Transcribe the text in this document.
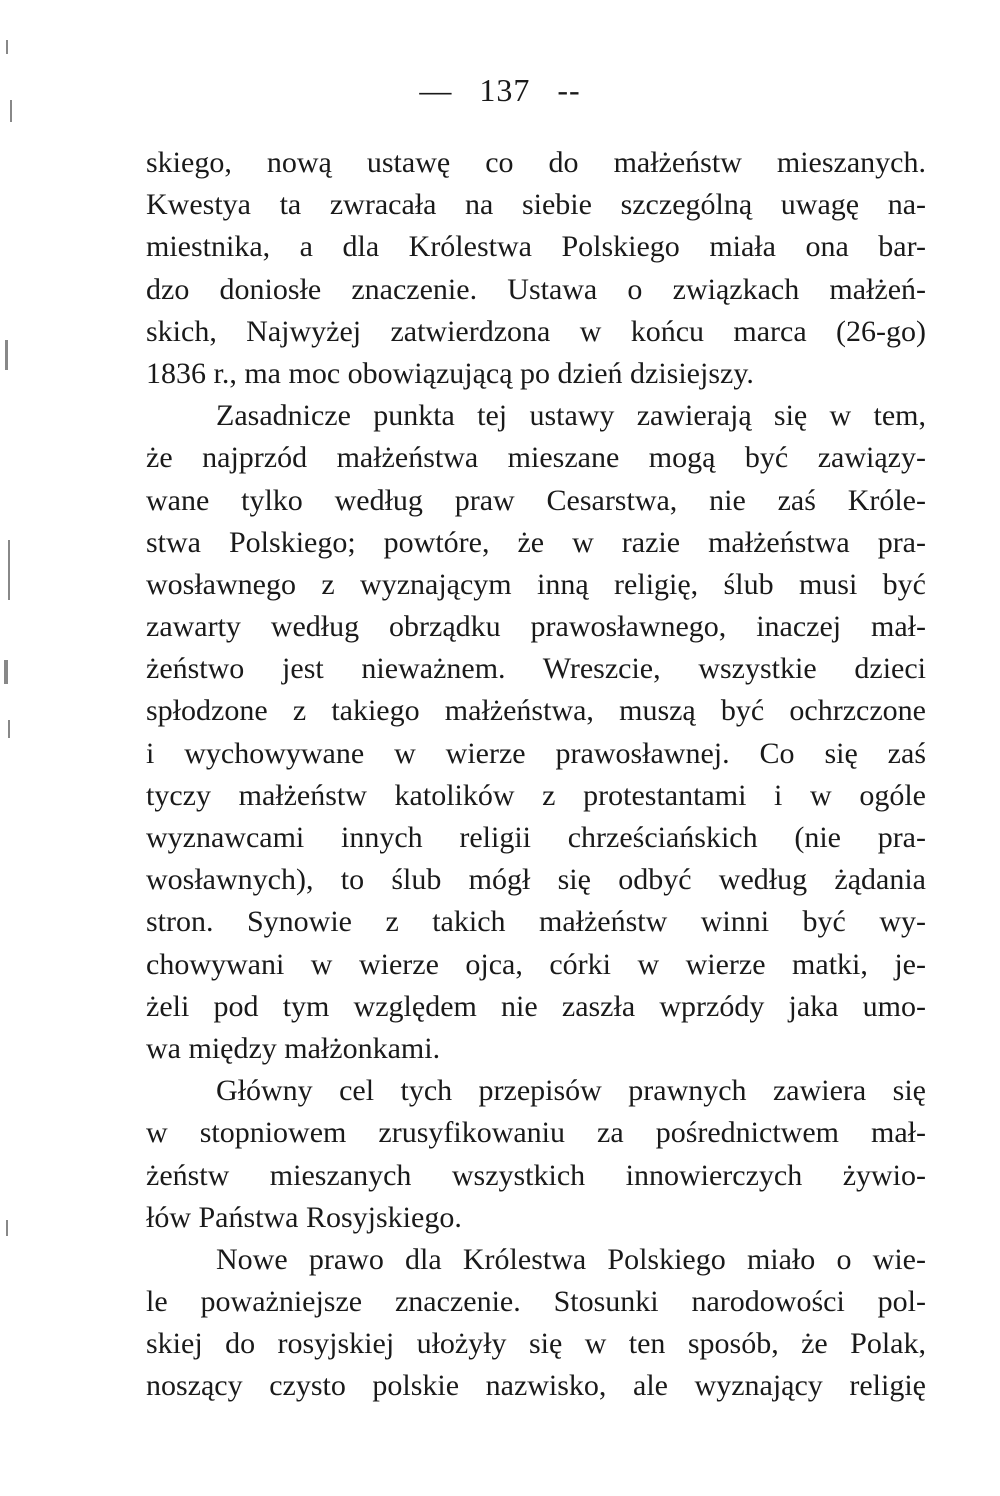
— 137 --
skiego, nową ustawę co do małżeństw mieszanych.
Kwestya ta zwracała na siebie szczególną uwagę na-
miestnika, a dla Królestwa Polskiego miała ona bar-
dzo doniosłe znaczenie. Ustawa o związkach małżeń-
skich, Najwyżej zatwierdzona w końcu marca (26-go)
1836 r., ma moc obowiązującą po dzień dzisiejszy.
Zasadnicze punkta tej ustawy zawierają się w tem,
że najprzód małżeństwa mieszane mogą być zawiązy-
wane tylko według praw Cesarstwa, nie zaś Króle-
stwa Polskiego; powtóre, że w razie małżeństwa pra-
wosławnego z wyznającym inną religię, ślub musi być
zawarty według obrządku prawosławnego, inaczej mał-
żeństwo jest nieważnem. Wreszcie, wszystkie dzieci
spłodzone z takiego małżeństwa, muszą być ochrzczone
i wychowywane w wierze prawosławnej. Co się zaś
tyczy małżeństw katolików z protestantami i w ogóle
wyznawcami innych religii chrześciańskich (nie pra-
wosławnych), to ślub mógł się odbyć według żądania
stron. Synowie z takich małżeństw winni być wy-
chowywani w wierze ojca, córki w wierze matki, je-
żeli pod tym względem nie zaszła wprzódy jaka umo-
wa między małżonkami.
Główny cel tych przepisów prawnych zawiera się
w stopniowem zrusyfikowaniu za pośrednictwem mał-
żeństw mieszanych wszystkich innowierczych żywio-
łów Państwa Rosyjskiego.
Nowe prawo dla Królestwa Polskiego miało o wie-
le poważniejsze znaczenie. Stosunki narodowości pol-
skiej do rosyjskiej ułożyły się w ten sposób, że Polak,
noszący czysto polskie nazwisko, ale wyznający religię
